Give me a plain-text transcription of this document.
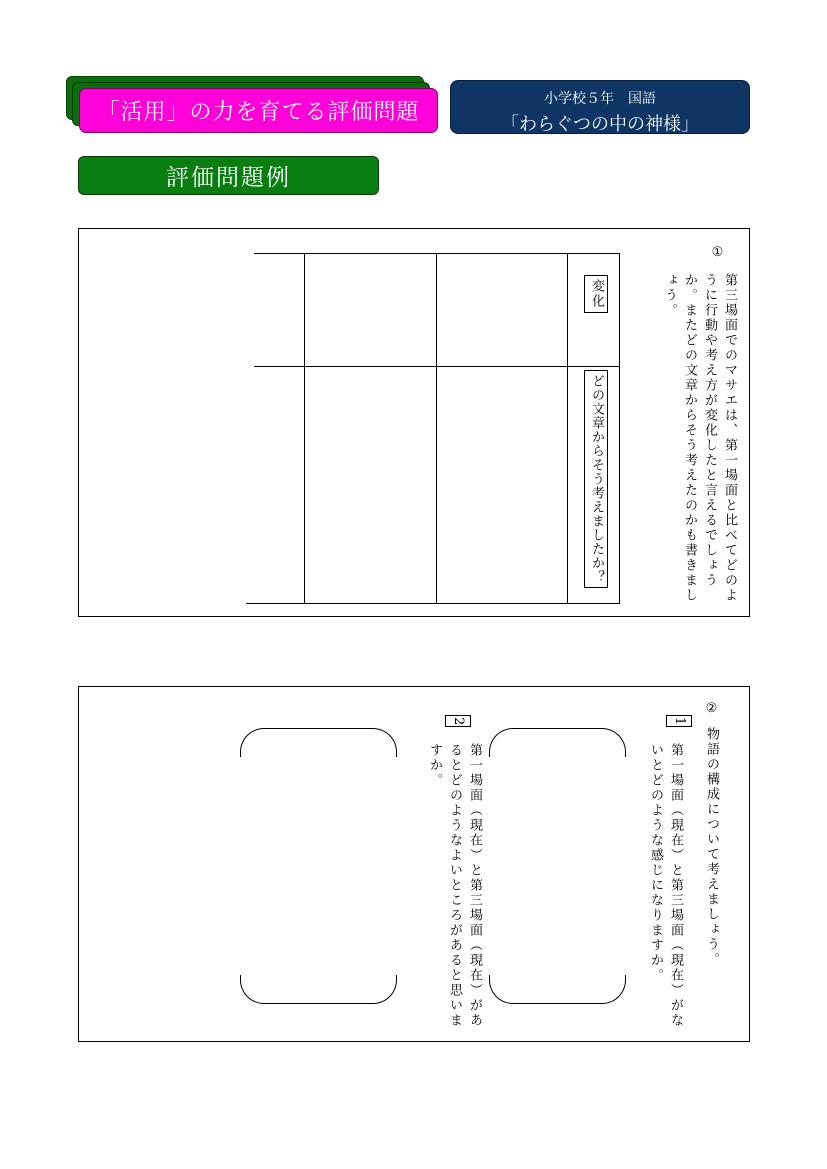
「活用」の力を育てる評価問題
小学校５年　国語
「わらぐつの中の神様」
評価問題例
①
第三場面でのマサエは、第一場面と比べてどのように行動や考え方が変化したと言えるでしょうか。またどの文章からそう考えたのかも書きましょう。
変化
どの文章からそう考えましたか？
②
物語の構成について考えましょう。
1
第一場面（現在）と第三場面（現在）がないとどのような感じになりますか。
2
第一場面（現在）と第三場面（現在）があるとどのようなよいところがあると思いますか。
